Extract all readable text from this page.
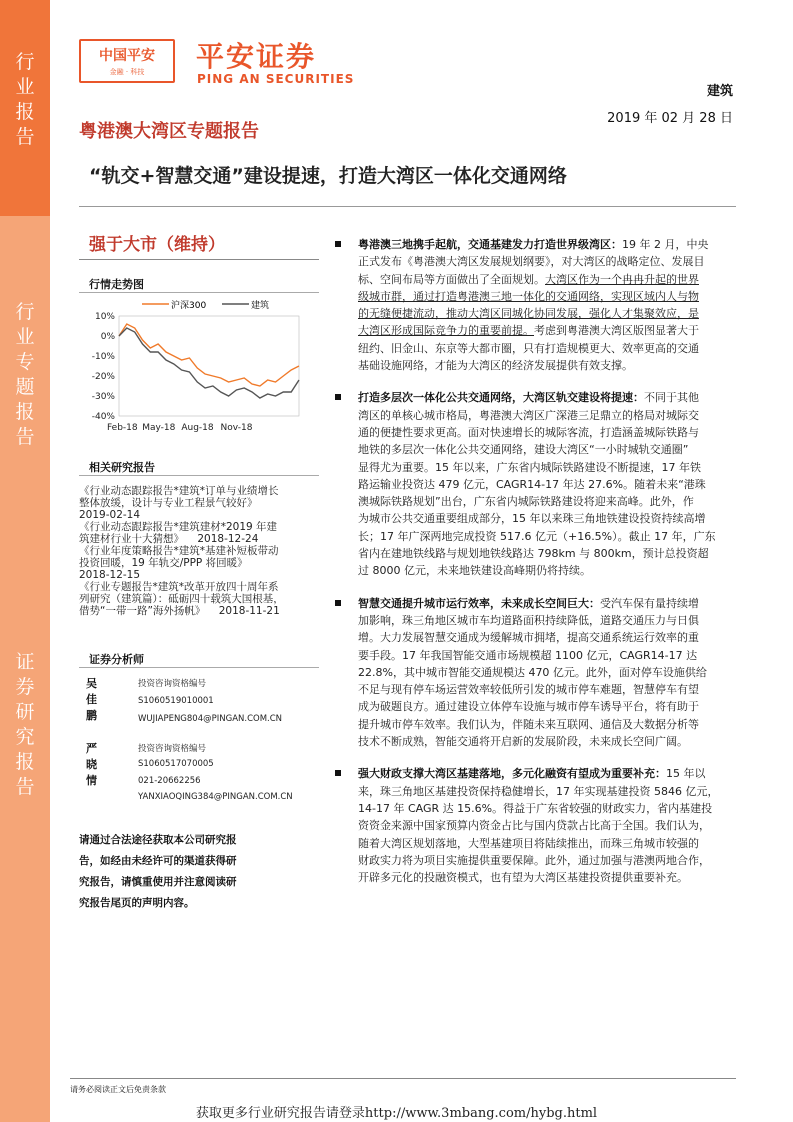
行
业
报
告
行
业
专
题
报
告
证
券
研
究
报
告
中国平安
金融 · 科技	平安证券
PING AN SECURITIES
建筑
2019 年 02 月 28 日
粤港澳大湾区专题报告
“轨交+智慧交通”建设提速，打造大湾区一体化交通网络
强于大市（维持）
行情走势图
10%
0%
-10%
-20%
-30%
-40%
Feb-18 May-18 Aug-18 Nov-18
沪深300	建筑
相关研究报告
《行业动态跟踪报告*建筑*订单与业绩增长
整体放缓，设计与专业工程景气较好》
2019-02-14
《行业动态跟踪报告*建筑建材*2019 年建
筑建材行业十大猜想》    2018-12-24
《行业年度策略报告*建筑*基建补短板带动
投资回暖，19 年轨交/PPP 将回暖》
2018-12-15
《行业专题报告*建筑*改革开放四十周年系
列研究（建筑篇）：砥砺四十载筑大国根基，
借势“一带一路”海外扬帆》    2018-11-21
证券分析师
吴佳鹏
投资咨询资格编号
S1060519010001
WUJIAPENG804@PINGAN.COM.CN
严晓情
投资咨询资格编号
S1060517070005
021-20662256
YANXIAOQING384@PINGAN.COM.CN
请通过合法途径获取本公司研究报
告，如经由未经许可的渠道获得研
究报告，请慎重使用并注意阅读研
究报告尾页的声明内容。
粤港澳三地携手起航，交通基建发力打造世界级湾区：19 年 2 月，中央
正式发布《粤港澳大湾区发展规划纲要》，对大湾区的战略定位、发展目
标、空间布局等方面做出了全面规划。大湾区作为一个冉冉升起的世界
级城市群，通过打造粤港澳三地一体化的交通网络，实现区域内人与物
的无缝便捷流动，推动大湾区同城化协同发展，强化人才集聚效应，是
大湾区形成国际竞争力的重要前提。考虑到粤港澳大湾区版图显著大于
纽约、旧金山、东京等大都市圈，只有打造规模更大、效率更高的交通
基础设施网络，才能为大湾区的经济发展提供有效支撑。
打造多层次一体化公共交通网络，大湾区轨交建设将提速：不同于其他
湾区的单核心城市格局，粤港澳大湾区广深港三足鼎立的格局对城际交
通的便捷性要求更高。面对快速增长的城际客流，打造涵盖城际铁路与
地铁的多层次一体化公共交通网络，建设大湾区“一小时城轨交通圈”
显得尤为重要。15 年以来，广东省内城际铁路建设不断提速，17 年铁
路运输业投资达 479 亿元，CAGR14-17 年达 27.6%。随着未来“港珠
澳城际铁路规划”出台，广东省内城际铁路建设将迎来高峰。此外，作
为城市公共交通重要组成部分，15 年以来珠三角地铁建设投资持续高增
长；17 年广深两地完成投资 517.6 亿元（+16.5%）。截止 17 年，广东
省内在建地铁线路与规划地铁线路达 798km 与 800km，预计总投资超
过 8000 亿元，未来地铁建设高峰期仍将持续。
智慧交通提升城市运行效率，未来成长空间巨大：受汽车保有量持续增
加影响，珠三角地区城市车均道路面积持续降低，道路交通压力与日俱
增。大力发展智慧交通成为缓解城市拥堵，提高交通系统运行效率的重
要手段。17 年我国智能交通市场规模超 1100 亿元，CAGR14-17 达
22.8%，其中城市智能交通规模达 470 亿元。此外，面对停车设施供给
不足与现有停车场运营效率较低所引发的城市停车难题，智慧停车有望
成为破题良方。通过建设立体停车设施与城市停车诱导平台，将有助于
提升城市停车效率。我们认为，伴随未来互联网、通信及大数据分析等
技术不断成熟，智能交通将开启新的发展阶段，未来成长空间广阔。
强大财政支撑大湾区基建落地，多元化融资有望成为重要补充：15 年以
来，珠三角地区基建投资保持稳健增长，17 年实现基建投资 5846 亿元，
14-17 年 CAGR 达 15.6%。得益于广东省较强的财政实力，省内基建投
资资金来源中国家预算内资金占比与国内贷款占比高于全国。我们认为，
随着大湾区规划落地，大型基建项目将陆续推出，而珠三角城市较强的
财政实力将为项目实施提供重要保障。此外，通过加强与港澳两地合作，
开辟多元化的投融资模式，也有望为大湾区基建投资提供重要补充。
请务必阅读正文后免责条款
获取更多行业研究报告请登录http://www.3mbang.com/hybg.html
